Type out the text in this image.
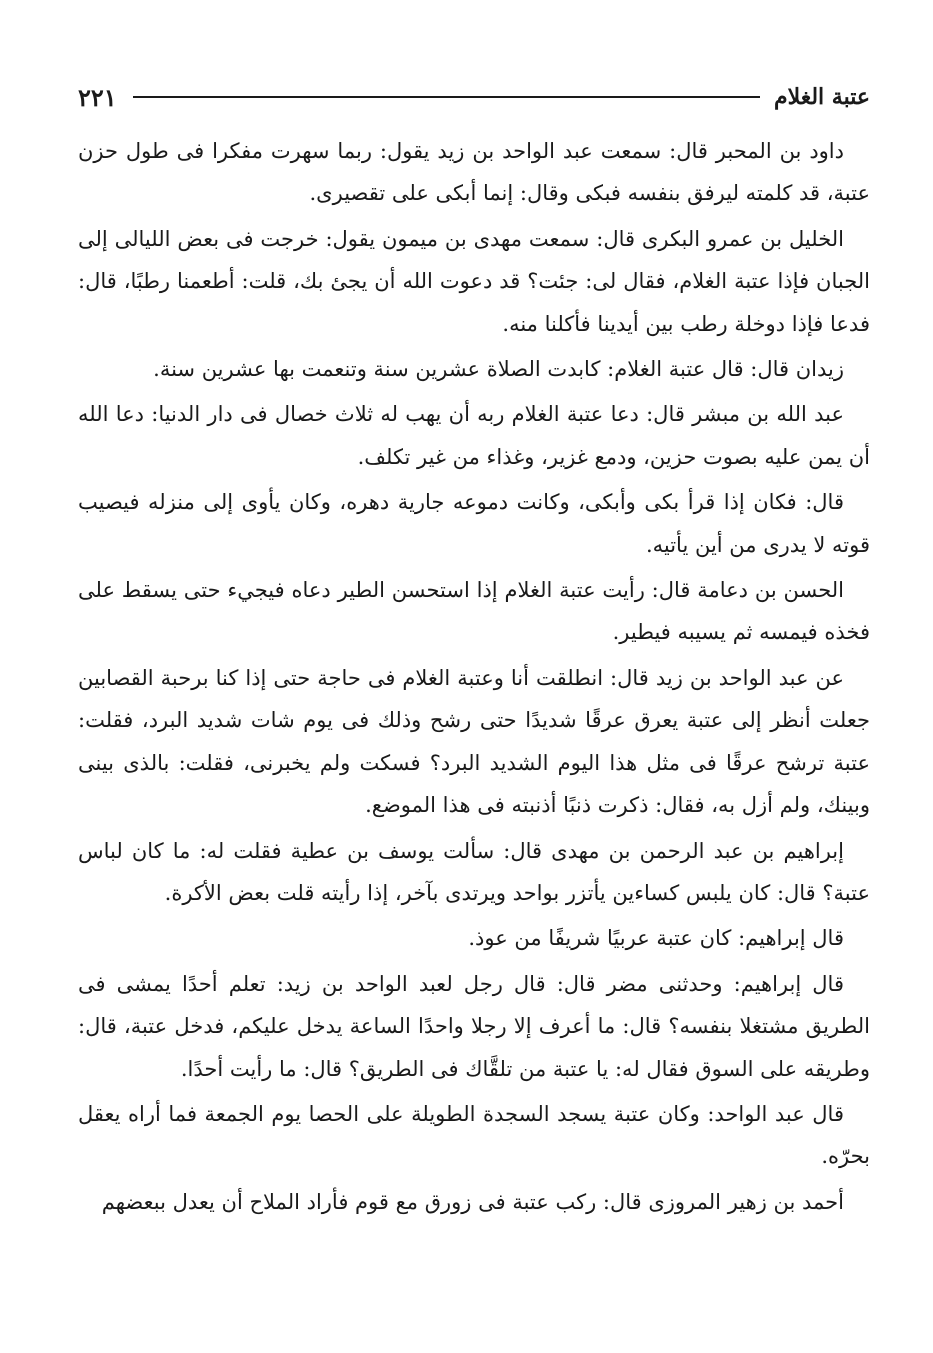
عتبة الغلام
٢٢١

داود بن المحبر قال: سمعت عبد الواحد بن زيد يقول: ربما سهرت مفكرا فى طول حزن عتبة، قد كلمته ليرفق بنفسه فبكى وقال: إنما أبكى على تقصيرى.

الخليل بن عمرو البكرى قال: سمعت مهدى بن ميمون يقول: خرجت فى بعض الليالى إلى الجبان فإذا عتبة الغلام، فقال لى: جئت؟ قد دعوت الله أن يجئ بك، قلت: أطعمنا رطبًا، قال: فدعا فإذا دوخلة رطب بين أيدينا فأكلنا منه.

زيدان قال: قال عتبة الغلام: كابدت الصلاة عشرين سنة وتنعمت بها عشرين سنة.

عبد الله بن مبشر قال: دعا عتبة الغلام ربه أن يهب له ثلاث خصال فى دار الدنيا: دعا الله أن يمن عليه بصوت حزين، ودمع غزير، وغذاء من غير تكلف.

قال: فكان إذا قرأ بكى وأبكى، وكانت دموعه جارية دهره، وكان يأوى إلى منزله فيصيب قوته لا يدرى من أين يأتيه.

الحسن بن دعامة قال: رأيت عتبة الغلام إذا استحسن الطير دعاه فيجيء حتى يسقط على فخذه فيمسه ثم يسيبه فيطير.

عن عبد الواحد بن زيد قال: انطلقت أنا وعتبة الغلام فى حاجة حتى إذا كنا برحبة القصابين جعلت أنظر إلى عتبة يعرق عرقًا شديدًا حتى رشح وذلك فى يوم شات شديد البرد، فقلت: عتبة ترشح عرقًا فى مثل هذا اليوم الشديد البرد؟ فسكت ولم يخبرنى، فقلت: بالذى بينى وبينك، ولم أزل به، فقال: ذكرت ذنبًا أذنبته فى هذا الموضع.

إبراهيم بن عبد الرحمن بن مهدى قال: سألت يوسف بن عطية فقلت له: ما كان لباس عتبة؟ قال: كان يلبس كساءين يأتزر بواحد ويرتدى بآخر، إذا رأيته قلت بعض الأكرة.

قال إبراهيم: كان عتبة عربيًا شريفًا من عوذ.

قال إبراهيم: وحدثنى مضر قال: قال رجل لعبد الواحد بن زيد: تعلم أحدًا يمشى فى الطريق مشتغلا بنفسه؟ قال: ما أعرف إلا رجلا واحدًا الساعة يدخل عليكم، فدخل عتبة، قال: وطريقه على السوق فقال له: يا عتبة من تلقَّاك فى الطريق؟ قال: ما رأيت أحدًا.

قال عبد الواحد: وكان عتبة يسجد السجدة الطويلة على الحصا يوم الجمعة فما أراه يعقل بحرّه.

أحمد بن زهير المروزى قال: ركب عتبة فى زورق مع قوم فأراد الملاح أن يعدل ببعضهم
